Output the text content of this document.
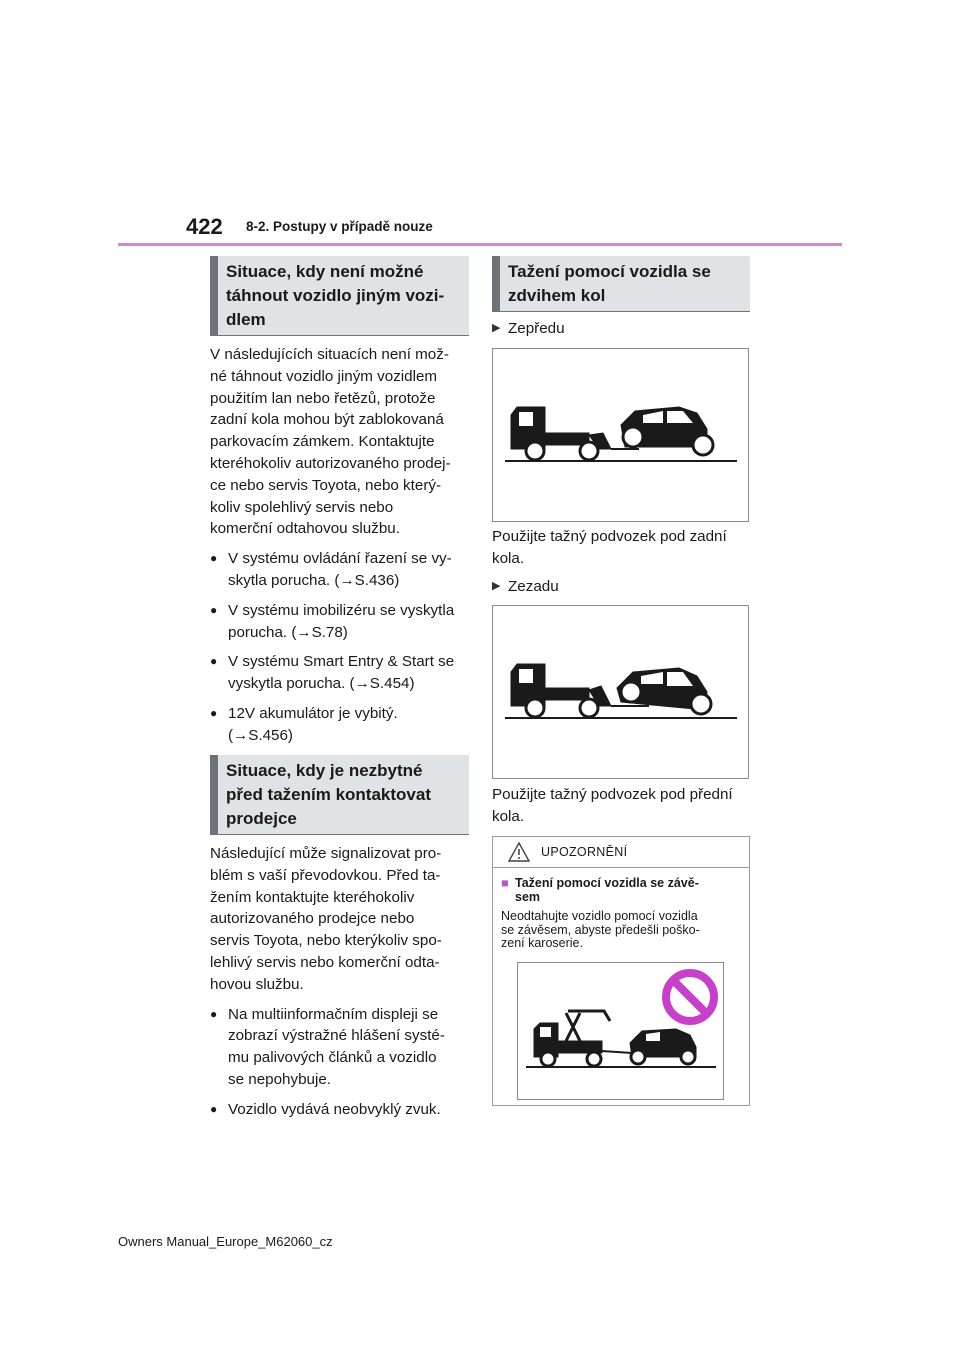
422 8-2. Postupy v případě nouze
Situace, kdy není možné
táhnout vozidlo jiným vozi-
dlem
V následujících situacích není mož-
né táhnout vozidlo jiným vozidlem
použitím lan nebo řetězů, protože
zadní kola mohou být zablokovaná
parkovacím zámkem. Kontaktujte
kteréhokoliv autorizovaného prodej-
ce nebo servis Toyota, nebo který-
koliv spolehlivý servis nebo
komerční odtahovou službu.
● V systému ovládání řazení se vy-
skytla porucha. (→S.436)
● V systému imobilizéru se vyskytla
porucha. (→S.78)
● V systému Smart Entry & Start se
vyskytla porucha. (→S.454)
● 12V akumulátor je vybitý.
(→S.456)
Situace, kdy je nezbytné
před tažením kontaktovat
prodejce
Následující může signalizovat pro-
blém s vaší převodovkou. Před ta-
žením kontaktujte kteréhokoliv
autorizovaného prodejce nebo
servis Toyota, nebo kterýkoliv spo-
lehlivý servis nebo komerční odta-
hovou službu.
● Na multiinformačním displeji se
zobrazí výstražné hlášení systé-
mu palivových článků a vozidlo
se nepohybuje.
● Vozidlo vydává neobvyklý zvuk.
Tažení pomocí vozidla se
zdvihem kol
▶ Zepředu
Použijte tažný podvozek pod zadní
kola.
▶ Zezadu
Použijte tažný podvozek pod přední
kola.
UPOZORNĚNÍ
■ Tažení pomocí vozidla se závě-
sem
Neodtahujte vozidlo pomocí vozidla
se závěsem, abyste předešli poško-
zení karoserie.
Owners Manual_Europe_M62060_cz
